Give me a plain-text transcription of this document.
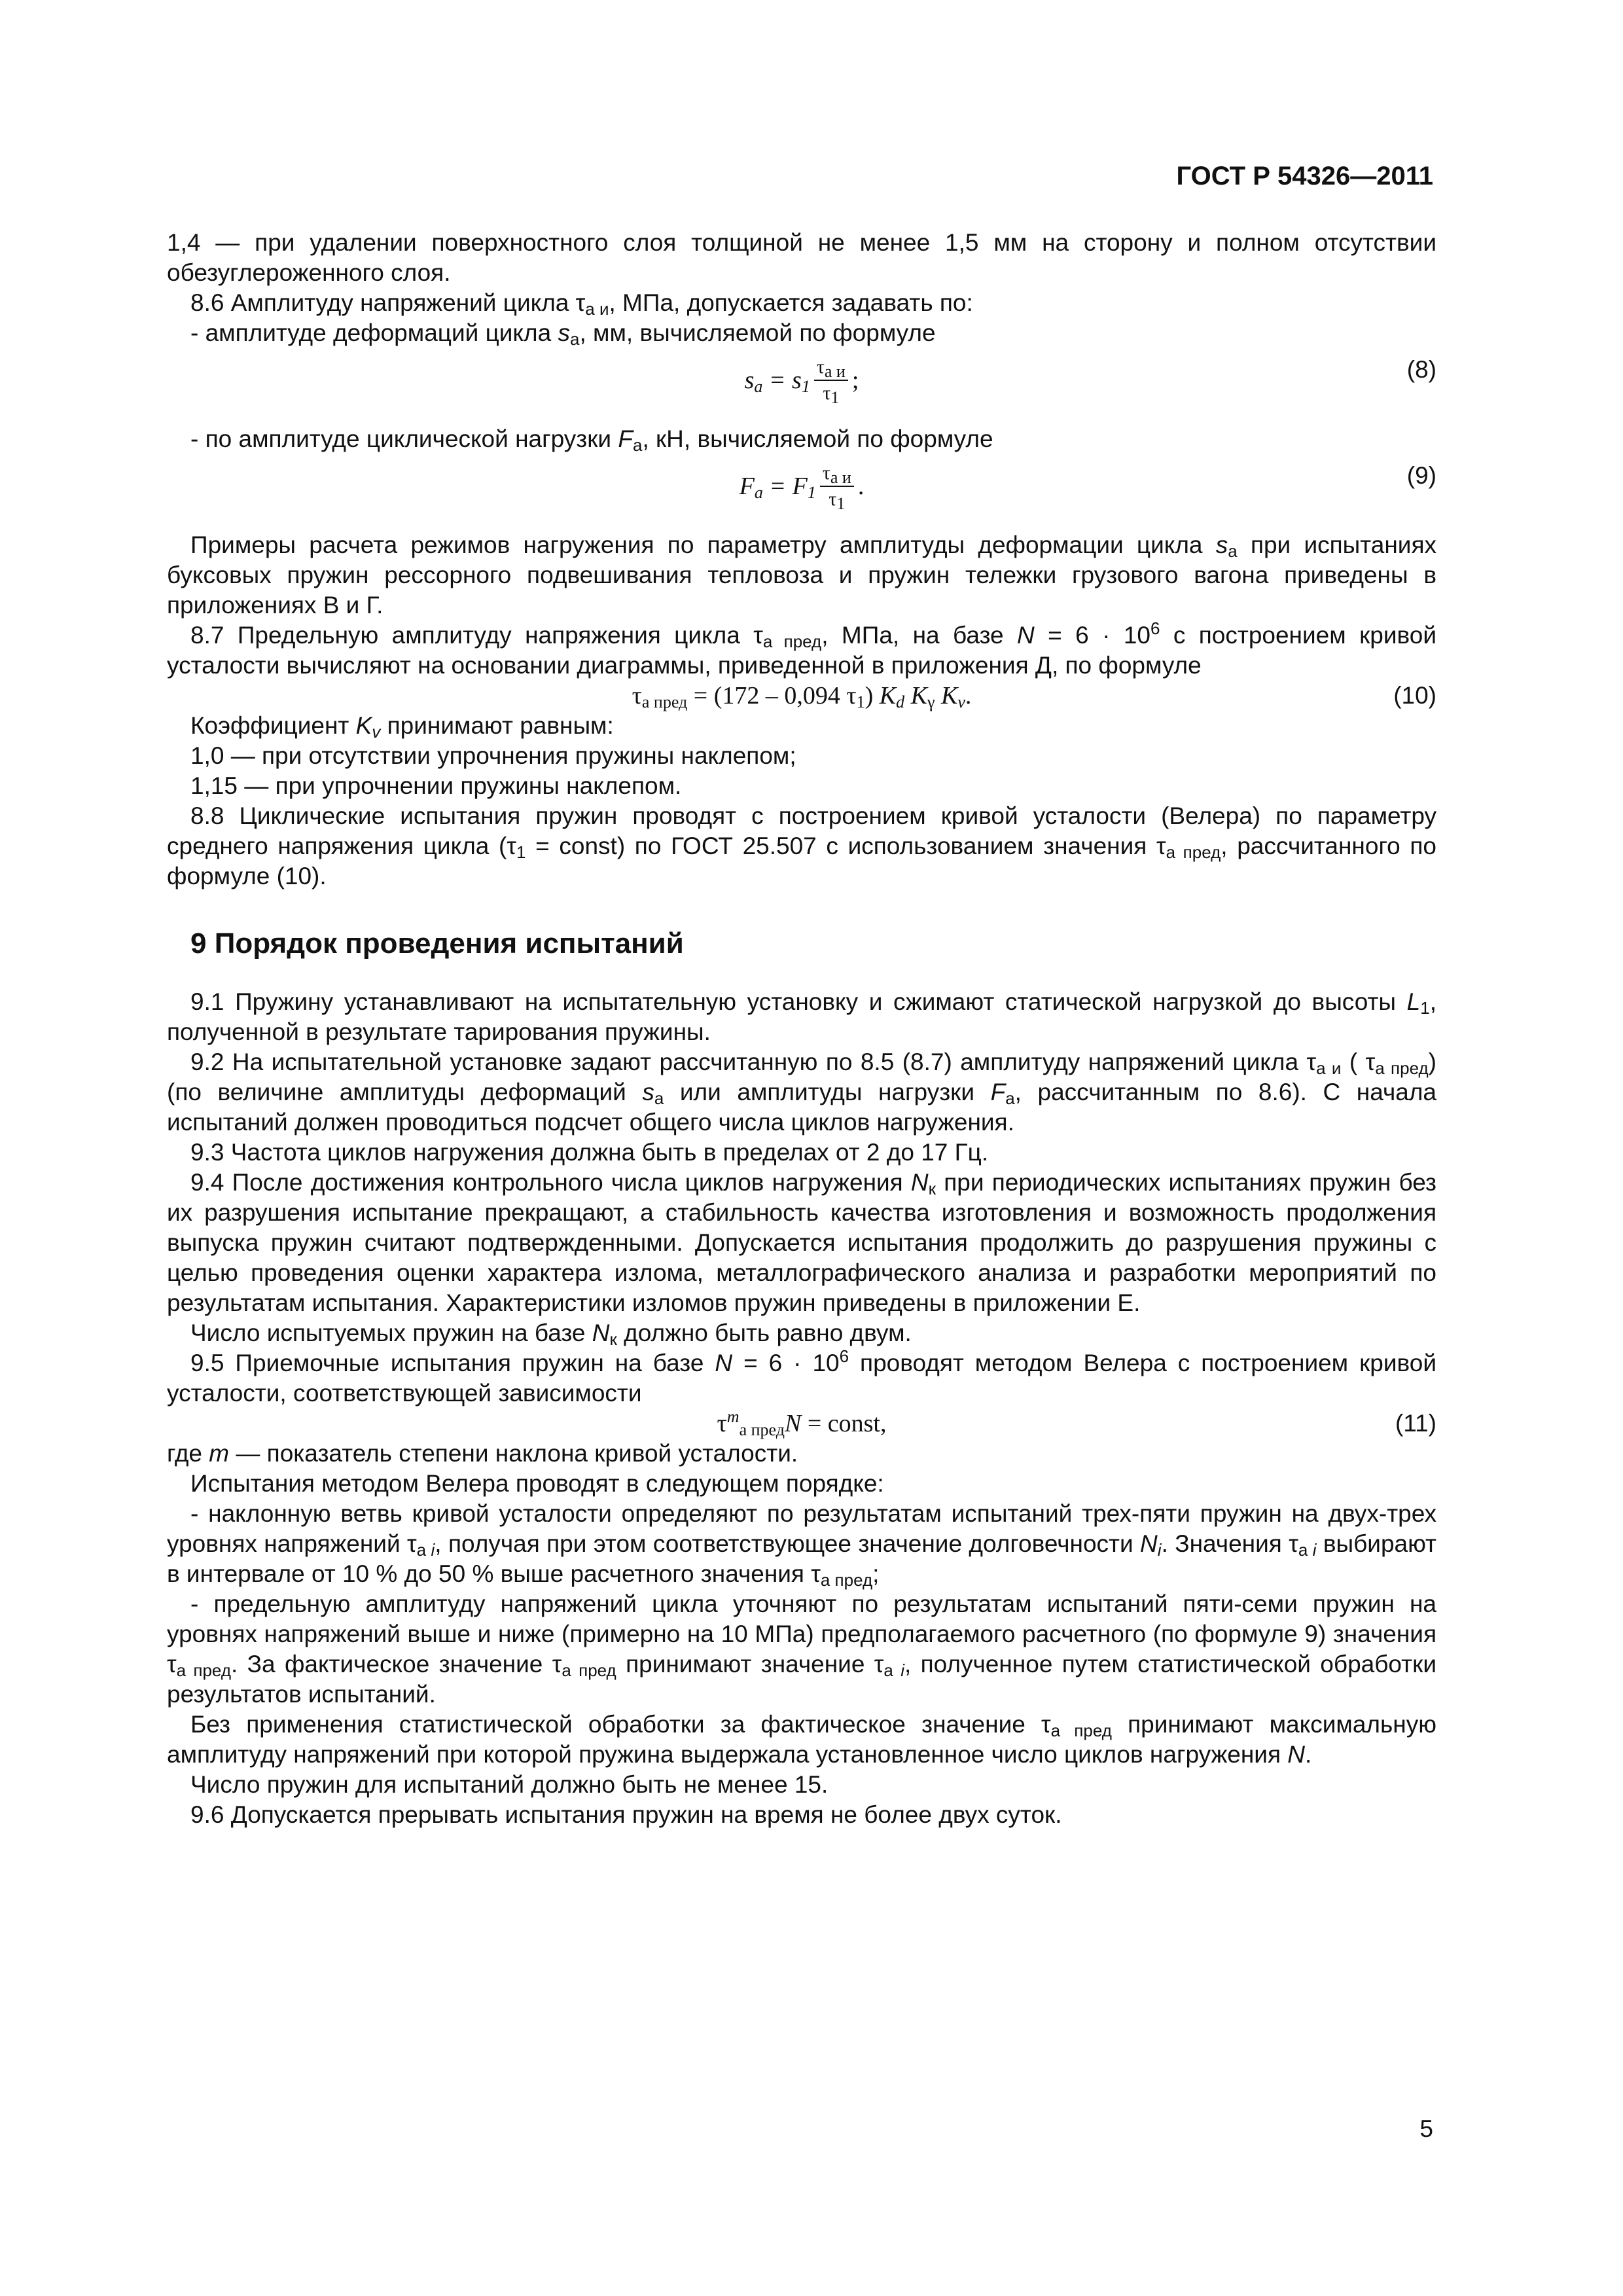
ГОСТ Р 54326—2011

1,4 — при удалении поверхностного слоя толщиной не менее 1,5 мм на сторону и полном отсутствии обезуглероженного слоя.

8.6 Амплитуду напряжений цикла $\tau_{а и}$, МПа, допускается задавать по:

- амплитуде деформаций цикла $s_a$, мм, вычисляемой по формуле

$s_a = s_1 \frac{\tau_{а и}}{\tau_1}$ ;	(8)

- по амплитуде циклической нагрузки $F_a$, кН, вычисляемой по формуле

$F_a = F_1 \frac{\tau_{а и}}{\tau_1}$ .	(9)

Примеры расчета режимов нагружения по параметру амплитуды деформации цикла $s_a$ при испытаниях буксовых пружин рессорного подвешивания тепловоза и пружин тележки грузового вагона приведены в приложениях В и Г.

8.7 Предельную амплитуду напряжения цикла $\tau_{а пред}$, МПа, на базе $N = 6 \cdot 10^6$ с построением кривой усталости вычисляют на основании диаграммы, приведенной в приложения Д, по формуле

$\tau_{а пред} = (172 - 0,094$ $\tau_1$) $K_d$ $K_\gamma$ $K_v$.	(10)

Коэффициент $K_v$ принимают равным:

1,0 — при отсутствии упрочнения пружины наклепом;

1,15 — при упрочнении пружины наклепом.

8.8 Циклические испытания пружин проводят с построением кривой усталости (Велера) по параметру среднего напряжения цикла ($\tau_1$ = const) по ГОСТ 25.507 с использованием значения $\tau_{а пред}$, рассчитанного по формуле (10).

9 Порядок проведения испытаний

9.1 Пружину устанавливают на испытательную установку и сжимают статической нагрузкой до высоты $L_1$, полученной в результате тарирования пружины.

9.2 На испытательной установке задают рассчитанную по 8.5 (8.7) амплитуду напряжений цикла $\tau_{а и}$ ( $\tau_{а пред}$) (по величине амплитуды деформаций $s_a$ или амплитуды нагрузки $F_a$, рассчитанным по 8.6). С начала испытаний должен проводиться подсчет общего числа циклов нагружения.

9.3 Частота циклов нагружения должна быть в пределах от 2 до 17 Гц.

9.4 После достижения контрольного числа циклов нагружения $N_к$ при периодических испытаниях пружин без их разрушения испытание прекращают, а стабильность качества изготовления и возможность продолжения выпуска пружин считают подтвержденными. Допускается испытания продолжить до разрушения пружины с целью проведения оценки характера излома, металлографического анализа и разработки мероприятий по результатам испытания. Характеристики изломов пружин приведены в приложении Е.

Число испытуемых пружин на базе $N_к$ должно быть равно двум.

9.5 Приемочные испытания пружин на базе $N = 6 \cdot 10^6$ проводят методом Велера с построением кривой усталости, соответствующей зависимости

$\tau^m_{а пред}N$ = const,	(11)

где m — показатель степени наклона кривой усталости.

Испытания методом Велера проводят в следующем порядке:

- наклонную ветвь кривой усталости определяют по результатам испытаний трех-пяти пружин на двух-трех уровнях напряжений $\tau_{а i}$, получая при этом соответствующее значение долговечности $N_i$. Значения $\tau_{а i}$ выбирают в интервале от 10 % до 50 % выше расчетного значения $\tau_{а пред}$;

- предельную амплитуду напряжений цикла уточняют по результатам испытаний пяти-семи пружин на уровнях напряжений выше и ниже (примерно на 10 МПа) предполагаемого расчетного (по формуле 9) значения $\tau_{а пред}$. За фактическое значение $\tau_{а пред}$ принимают значение $\tau_{а i}$, полученное путем статистической обработки результатов испытаний.

Без применения статистической обработки за фактическое значение $\tau_{а пред}$ принимают максимальную амплитуду напряжений при которой пружина выдержала установленное число циклов нагружения N.

Число пружин для испытаний должно быть не менее 15.

9.6 Допускается прерывать испытания пружин на время не более двух суток.

5
